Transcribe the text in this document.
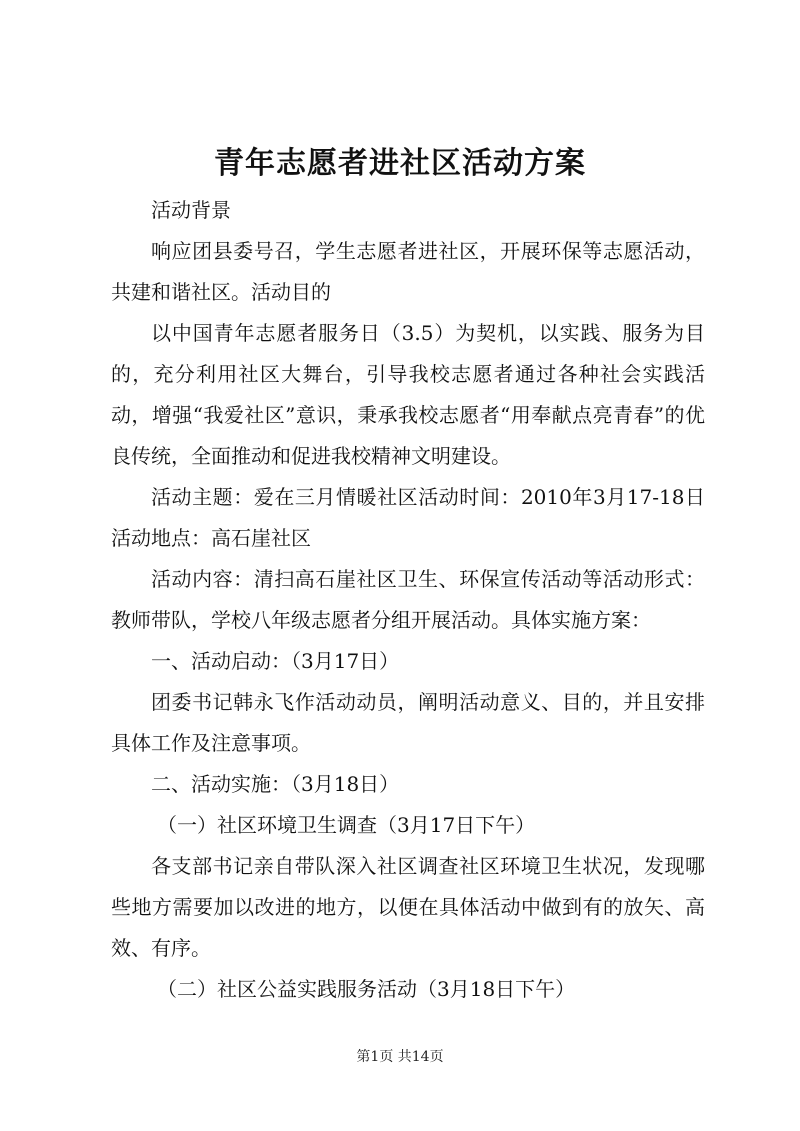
青年志愿者进社区活动方案

活动背景

响应团县委号召，学生志愿者进社区，开展环保等志愿活动，共建和谐社区。活动目的

以中国青年志愿者服务日（3.5）为契机，以实践、服务为目的，充分利用社区大舞台，引导我校志愿者通过各种社会实践活动，增强“我爱社区”意识，秉承我校志愿者“用奉献点亮青春”的优良传统，全面推动和促进我校精神文明建设。

活动主题：爱在三月情暖社区活动时间：2010年3月17-18日活动地点：高石崖社区

活动内容：清扫高石崖社区卫生、环保宣传活动等活动形式：教师带队，学校八年级志愿者分组开展活动。具体实施方案：

一、活动启动：（3月17日）

团委书记韩永飞作活动动员，阐明活动意义、目的，并且安排具体工作及注意事项。

二、活动实施：（3月18日）

（一）社区环境卫生调查（3月17日下午）

各支部书记亲自带队深入社区调查社区环境卫生状况，发现哪些地方需要加以改进的地方，以便在具体活动中做到有的放矢、高效、有序。

（二）社区公益实践服务活动（3月18日下午）

第1页 共14页
